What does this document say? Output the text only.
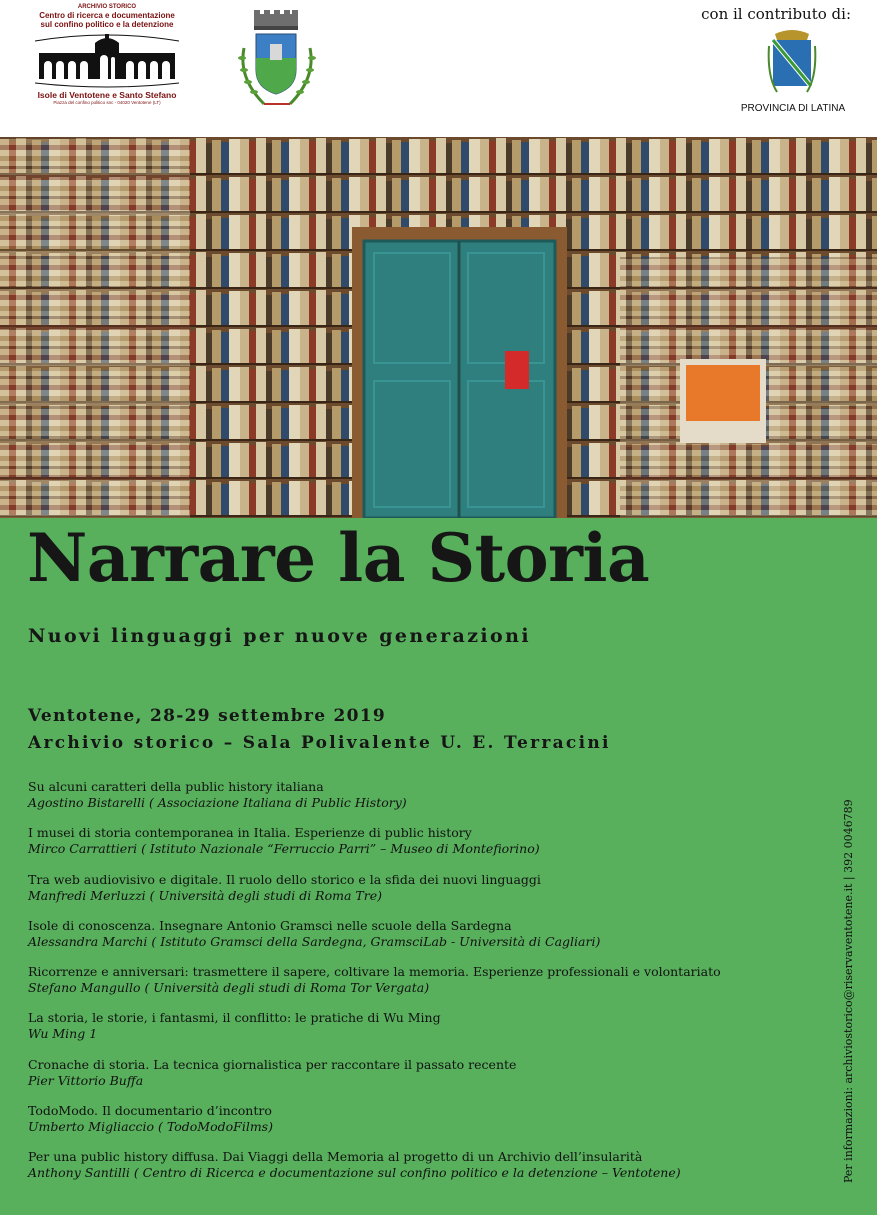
ARCHIVIO STORICO
Centro di ricerca e documentazione
sul confino politico e la detenzione
Isole di Ventotene e Santo Stefano
Piazza del confino politico snc - 04020 Ventotene (LT)
con il contributo di:
PROVINCIA DI LATINA
Narrare la Storia
Nuovi linguaggi per nuove generazioni
Ventotene, 28-29 settembre 2019
Archivio storico – Sala Polivalente U. E. Terracini
Su alcuni caratteri della public history italiana
Agostino Bistarelli ( Associazione Italiana di Public History)
I musei di storia contemporanea in Italia. Esperienze di public history
Mirco Carrattieri ( Istituto Nazionale “Ferruccio Parri” – Museo di Montefiorino)
Tra web audiovisivo e digitale. Il ruolo dello storico e la sfida dei nuovi linguaggi
Manfredi Merluzzi ( Università degli studi di Roma Tre)
Isole di conoscenza. Insegnare Antonio Gramsci nelle scuole della Sardegna
Alessandra Marchi ( Istituto Gramsci della Sardegna, GramsciLab - Università di Cagliari)
Ricorrenze e anniversari: trasmettere il sapere, coltivare la memoria. Esperienze professionali e volontariato
Stefano Mangullo ( Università degli studi di Roma Tor Vergata)
La storia, le storie, i fantasmi, il conflitto: le pratiche di Wu Ming
Wu Ming 1
Cronache di storia. La tecnica giornalistica per raccontare il passato recente
Pier Vittorio Buffa
TodoModo. Il documentario d’incontro
Umberto Migliaccio ( TodoModoFilms)
Per una public history diffusa. Dai Viaggi della Memoria al progetto di un Archivio dell’insularità
Anthony Santilli ( Centro di Ricerca e documentazione sul confino politico e la detenzione – Ventotene)	Per informazioni: archiviostorico@riservaventotene.it | 392 0046789
